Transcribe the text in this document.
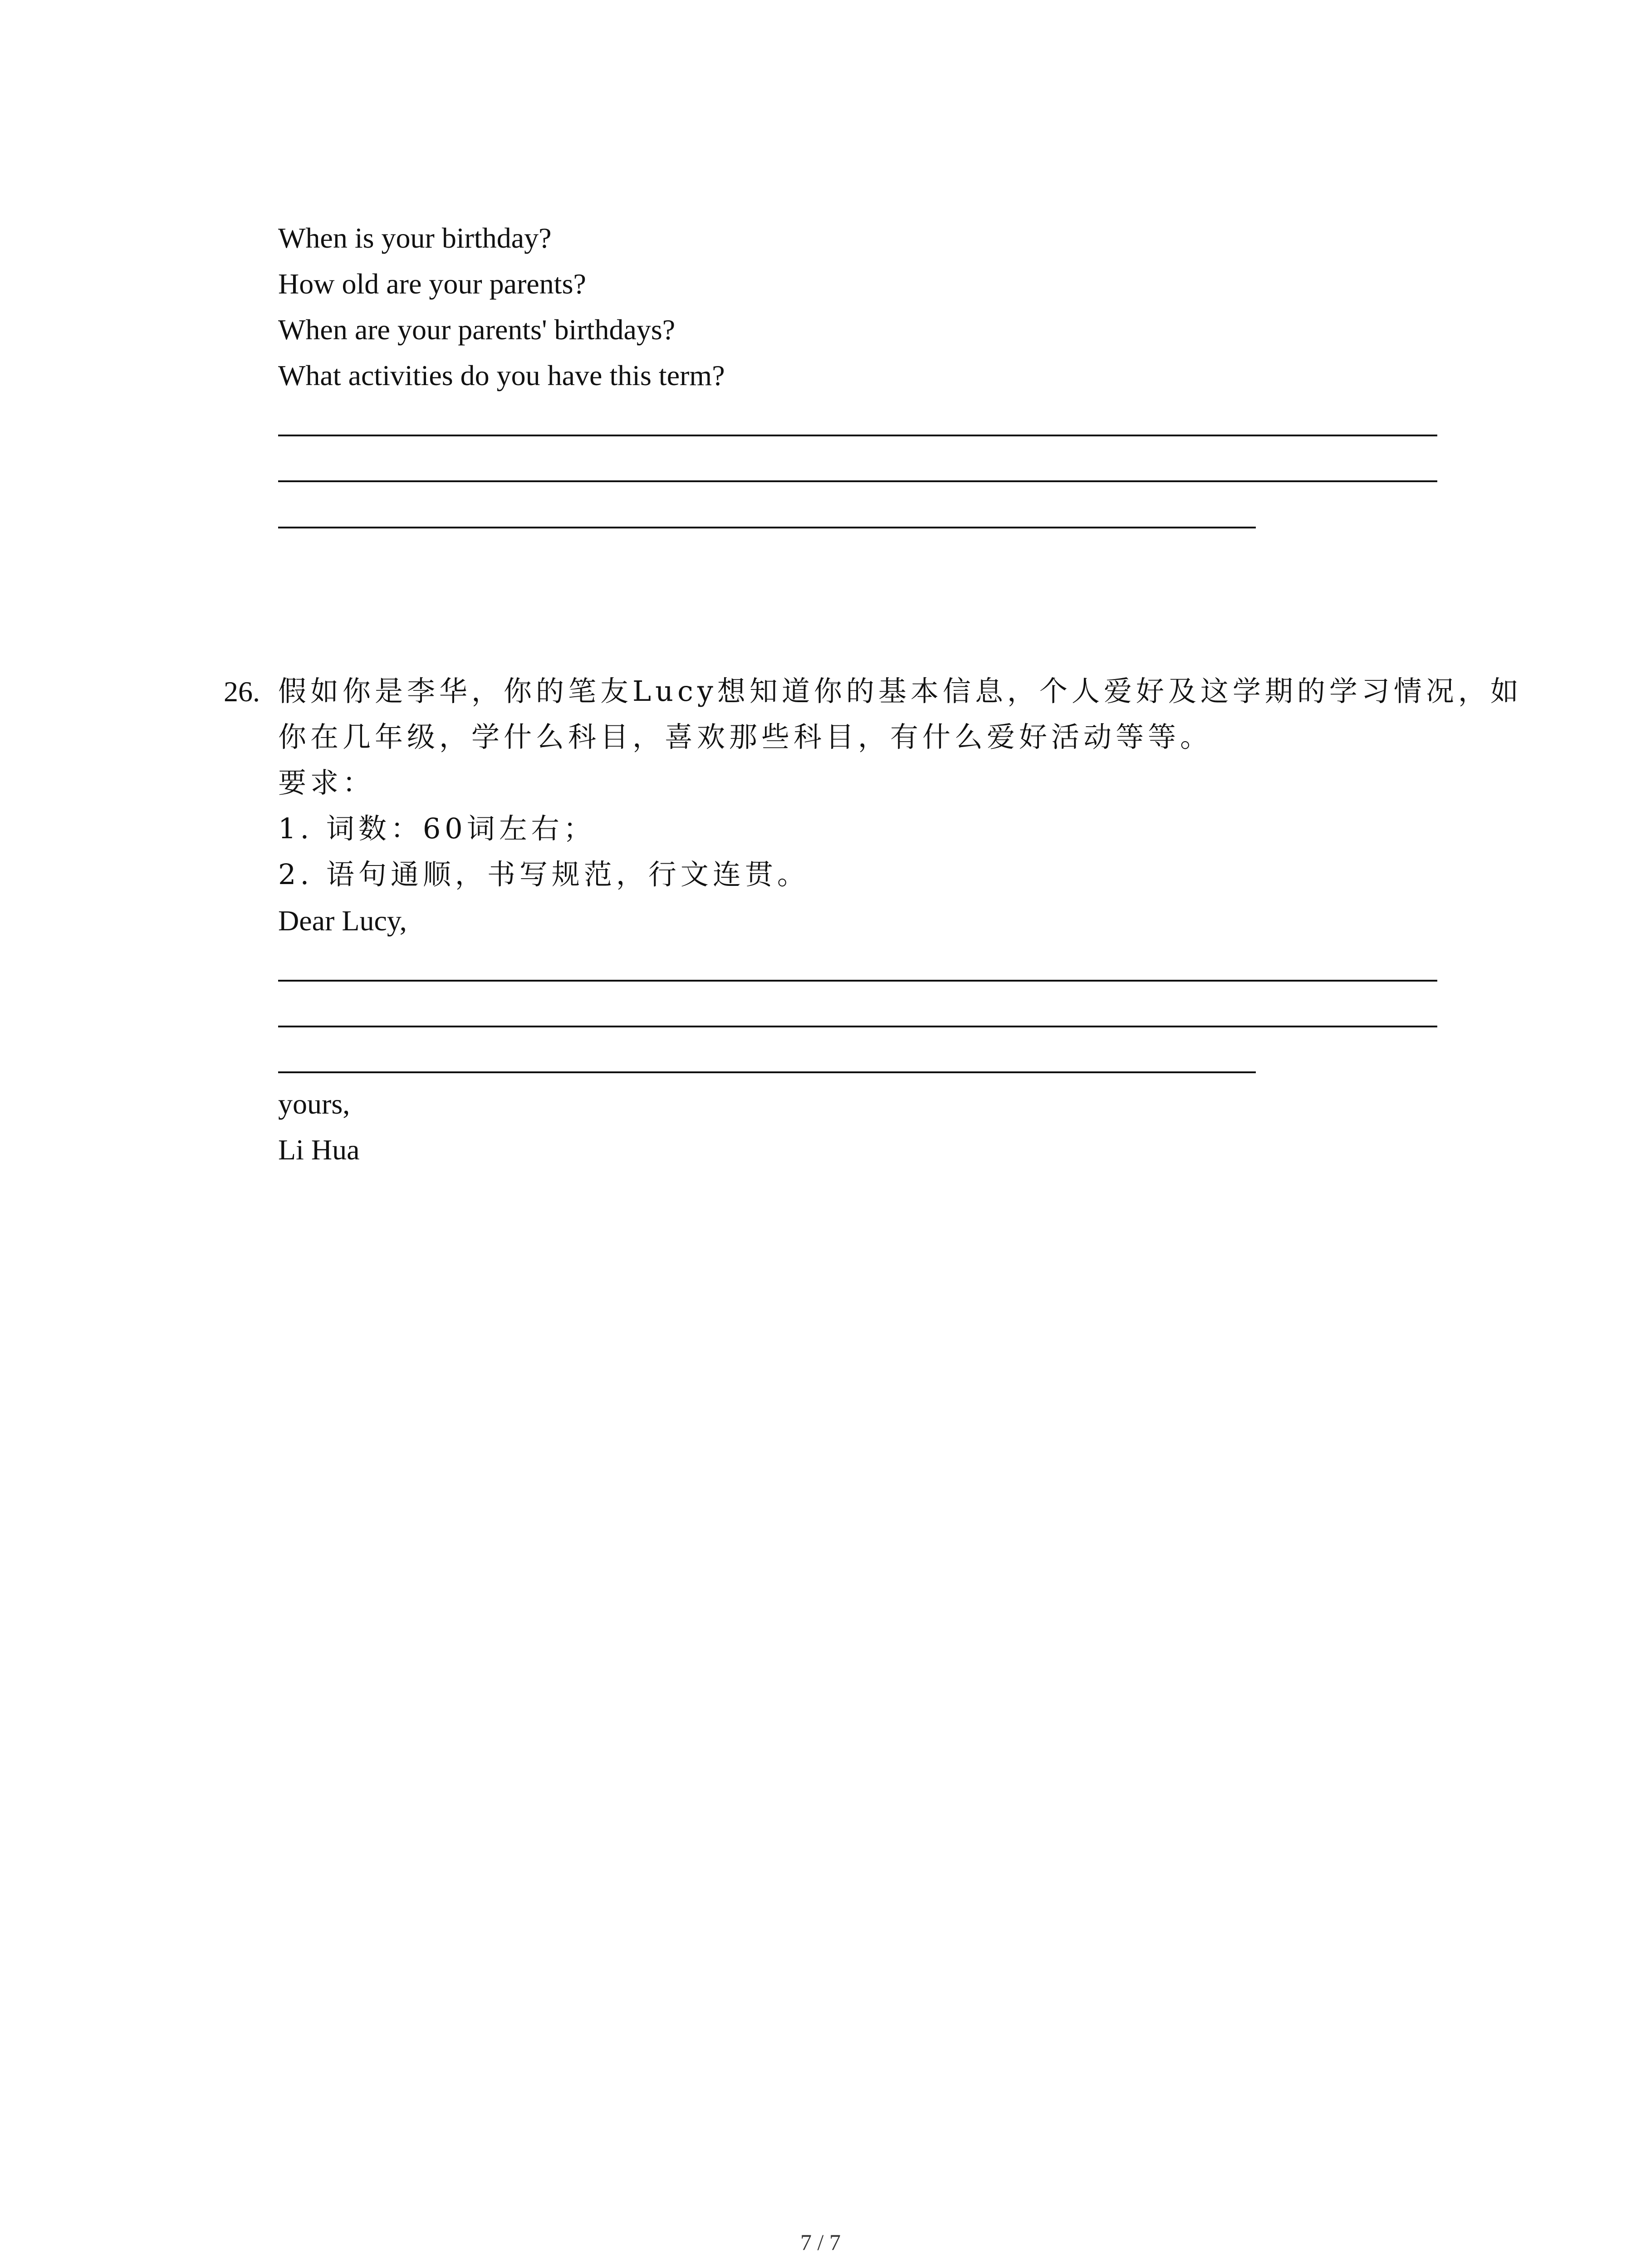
When is your birthday?
How old are your parents?
When are your parents' birthdays?
What activities do you have this term?
26. 假如你是李华，你的笔友Lucy想知道你的基本信息，个人爱好及这学期的学习情况，如
你在几年级，学什么科目，喜欢那些科目，有什么爱好活动等等。
要求：
1. 词数：60词左右；
2. 语句通顺，书写规范，行文连贯。
Dear Lucy,
yours,
Li Hua
7 / 7
